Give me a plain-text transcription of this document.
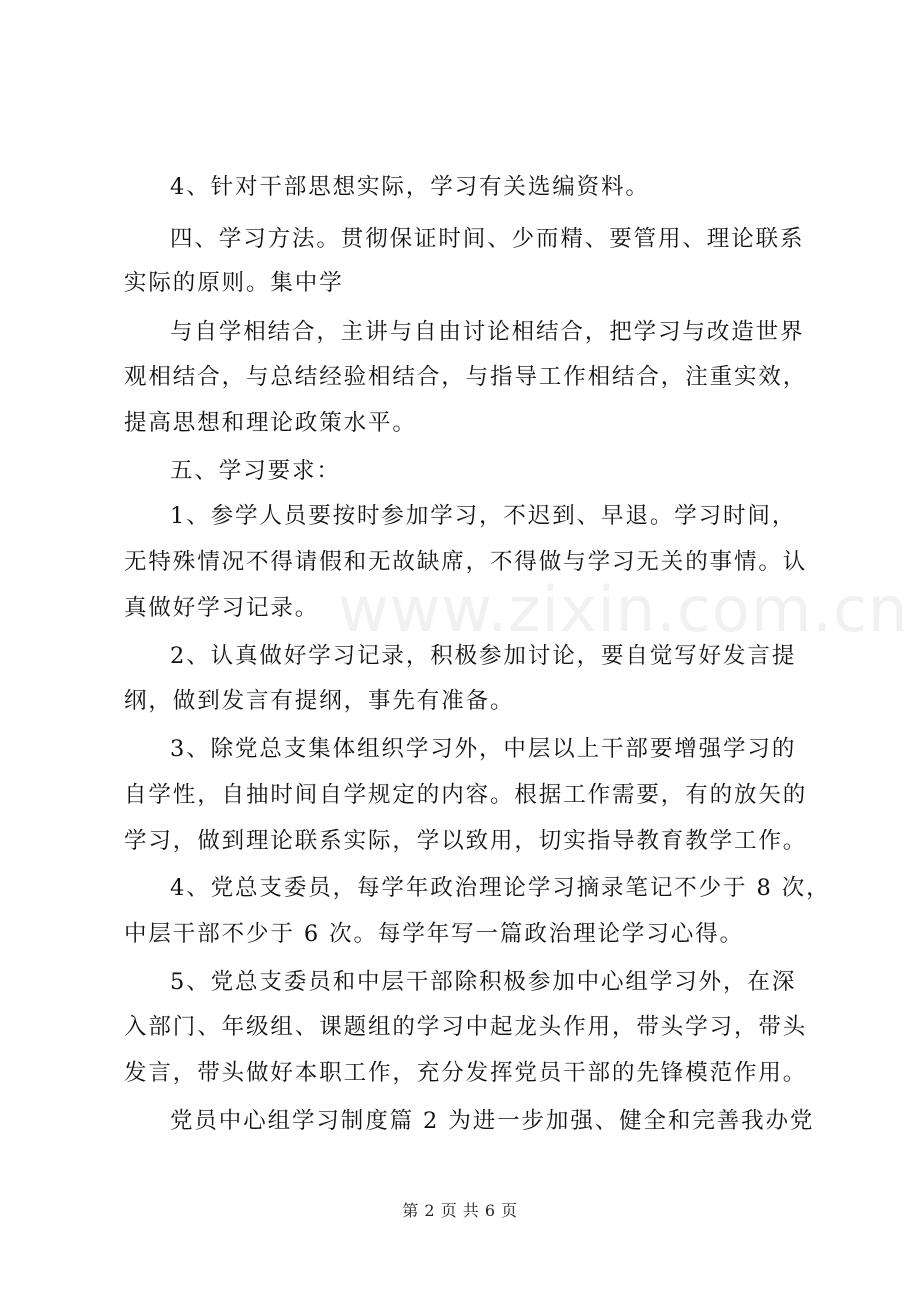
www.zixin.com.cn
4、针对干部思想实际，学习有关选编资料。
四、学习方法。贯彻保证时间、少而精、要管用、理论联系
实际的原则。集中学
与自学相结合，主讲与自由讨论相结合，把学习与改造世界
观相结合，与总结经验相结合，与指导工作相结合，注重实效，
提高思想和理论政策水平。
五、学习要求：
1、参学人员要按时参加学习，不迟到、早退。学习时间，
无特殊情况不得请假和无故缺席，不得做与学习无关的事情。认
真做好学习记录。
2、认真做好学习记录，积极参加讨论，要自觉写好发言提
纲，做到发言有提纲，事先有准备。
3、除党总支集体组织学习外，中层以上干部要增强学习的
自学性，自抽时间自学规定的内容。根据工作需要，有的放矢的
学习，做到理论联系实际，学以致用，切实指导教育教学工作。
4、党总支委员，每学年政治理论学习摘录笔记不少于 8 次，
中层干部不少于 6 次。每学年写一篇政治理论学习心得。
5、党总支委员和中层干部除积极参加中心组学习外，在深
入部门、年级组、课题组的学习中起龙头作用，带头学习，带头
发言，带头做好本职工作，充分发挥党员干部的先锋模范作用。
党员中心组学习制度篇 2 为进一步加强、健全和完善我办党
第 2 页 共 6 页
